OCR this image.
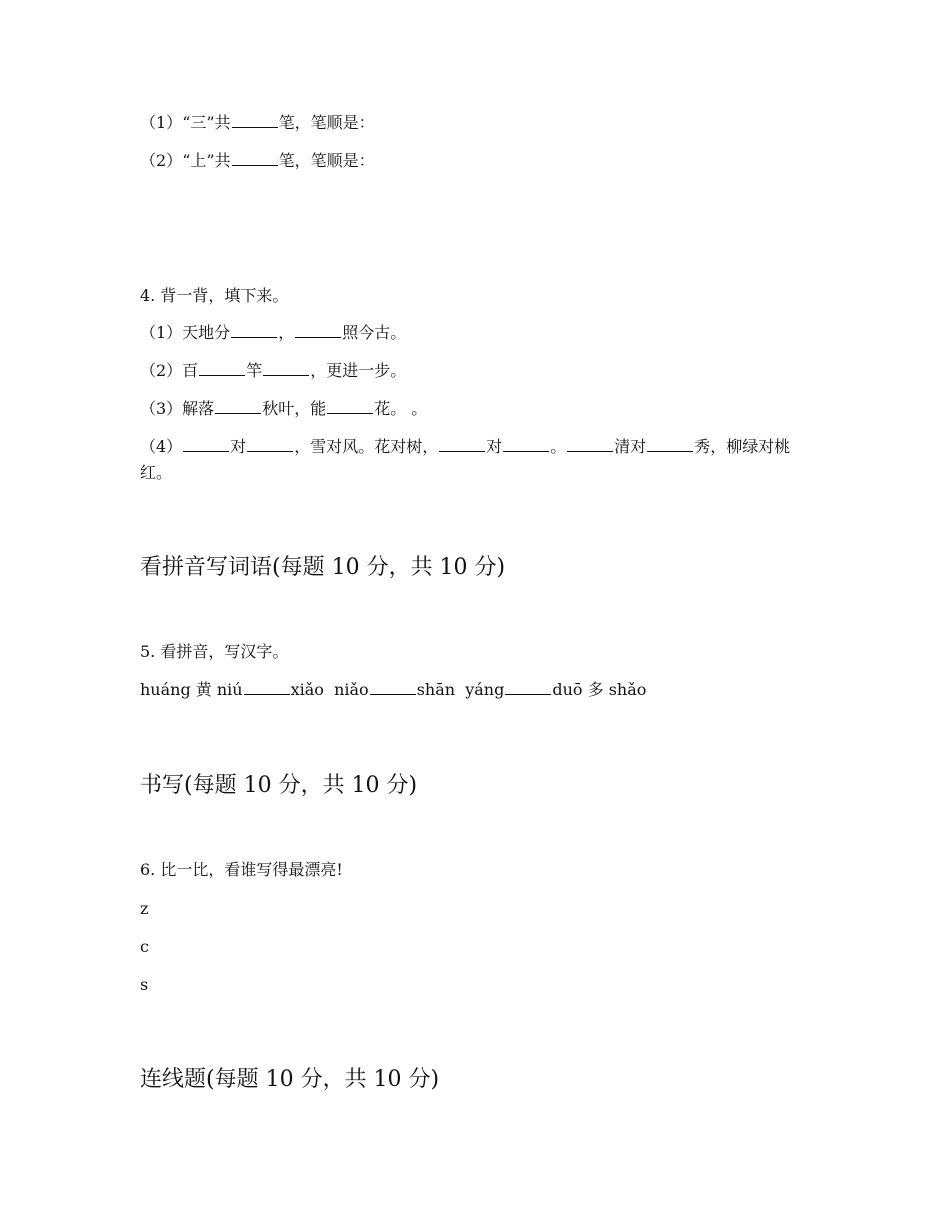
（1）“三”共	笔，笔顺是：
（2）“上”共	笔，笔顺是：
4. 背一背，填下来。
（1）天地分	，	照今古。
（2）百	竿	，更进一步。
（3）解落	秋叶，能	花。 。
（4）	对	，雪对风。花对树，	对	。	清对	秀，柳绿对桃红。
看拼音写词语(每题 10 分，共 10 分)
5. 看拼音，写汉字。
huáng 黄 niú	xiǎo  niǎo	shān  yáng	duō 多 shǎo
书写(每题 10 分，共 10 分)
6. 比一比，看谁写得最漂亮!
z
c
s
连线题(每题 10 分，共 10 分)
